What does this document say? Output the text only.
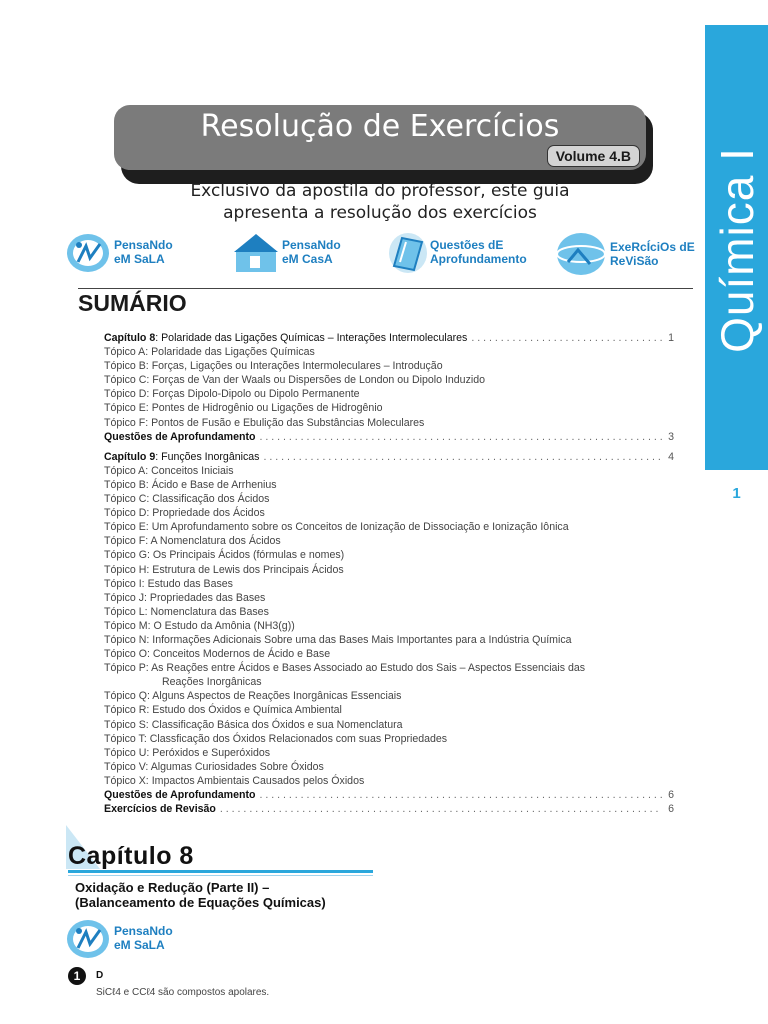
Química I
1
Resolução de Exercícios
Volume 4.B
Exclusivo da apostila do professor, este guia
apresenta a resolução dos exercícios
PensaNdo
eM SaLA
PensaNdo
eM CasA
Questões dE
Aprofundamento
ExeRcÍciOs dE
ReViSão
SUMÁRIO
Capítulo 8: Polaridade das Ligações Químicas – Interações Intermoleculares . . .	1
Tópico A: Polaridade das Ligações Químicas
Tópico B: Forças, Ligações ou Interações Intermoleculares – Introdução
Tópico C: Forças de Van der Waals ou Dispersões de London ou Dipolo Induzido
Tópico D: Forças Dipolo-Dipolo ou Dipolo Permanente
Tópico E: Pontes de Hidrogênio ou Ligações de Hidrogênio
Tópico F: Pontos de Fusão e Ebulição das Substâncias Moleculares
Questões de Aprofundamento . . .	3
Capítulo 9: Funções Inorgânicas . . .	4
Tópico A: Conceitos Iniciais
Tópico B: Ácido e Base de Arrhenius
Tópico C: Classificação dos Ácidos
Tópico D: Propriedade dos Ácidos
Tópico E: Um Aprofundamento sobre os Conceitos de Ionização de Dissociação e Ionização Iônica
Tópico F: A Nomenclatura dos Ácidos
Tópico G: Os Principais Ácidos (fórmulas e nomes)
Tópico H: Estrutura de Lewis dos Principais Ácidos
Tópico I: Estudo das Bases
Tópico J: Propriedades das Bases
Tópico L: Nomenclatura das Bases
Tópico M: O Estudo da Amônia (NH3(g))
Tópico N: Informações Adicionais Sobre uma das Bases Mais Importantes para a Indústria Química
Tópico O: Conceitos Modernos de Ácido e Base
Tópico P: As Reações entre Ácidos e Bases Associado ao Estudo dos Sais – Aspectos Essenciais das
Reações Inorgânicas
Tópico Q: Alguns Aspectos de Reações Inorgânicas Essenciais
Tópico R: Estudo dos Óxidos e Química Ambiental
Tópico S: Classificação Básica dos Óxidos e sua Nomenclatura
Tópico T: Classficação dos Óxidos Relacionados com suas Propriedades
Tópico U: Peróxidos e Superóxidos
Tópico V: Algumas Curiosidades Sobre Óxidos
Tópico X: Impactos Ambientais Causados pelos Óxidos
Questões de Aprofundamento . . .	6
Exercícios de Revisão . . .	6
Capítulo 8
Oxidação e Redução (Parte II) –
(Balanceamento de Equações Químicas)
PensaNdo
eM SaLA
1	D
SiCℓ4 e CCℓ4 são compostos apolares.
